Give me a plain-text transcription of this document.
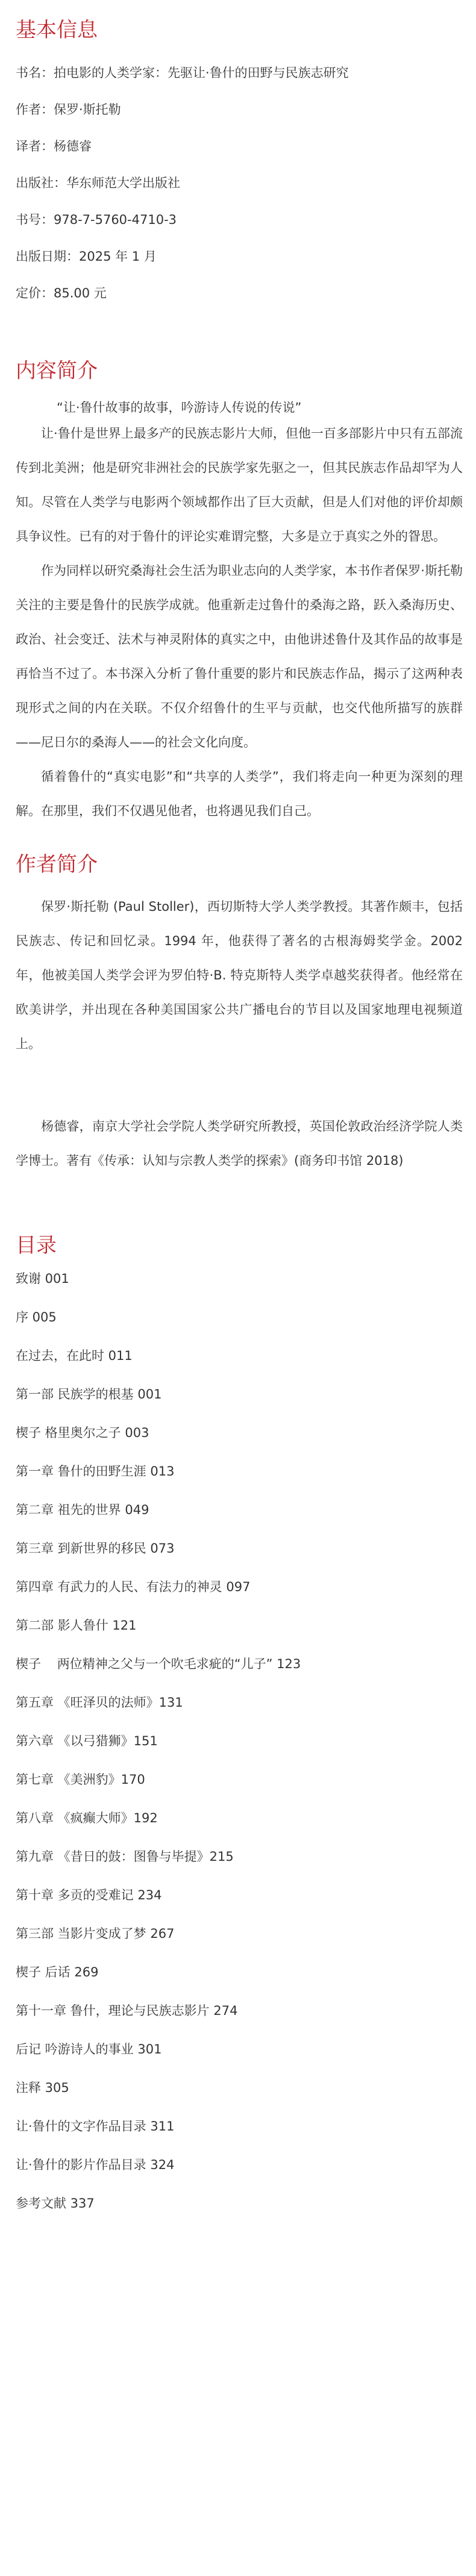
基本信息

书名：拍电影的人类学家：先驱让·鲁什的田野与民族志研究

作者：保罗·斯托勒

译者：杨德睿

出版社：华东师范大学出版社

书号：978-7-5760-4710-3

出版日期：2025 年 1 月

定价：85.00 元

内容简介

“让·鲁什故事的故事，吟游诗人传说的传说”

让·鲁什是世界上最多产的民族志影片大师，但他一百多部影片中只有五部流传到北美洲；他是研究非洲社会的民族学家先驱之一，但其民族志作品却罕为人知。尽管在人类学与电影两个领域都作出了巨大贡献，但是人们对他的评价却颇具争议性。已有的对于鲁什的评论实难谓完整，大多是立于真实之外的眢思。

作为同样以研究桑海社会生活为职业志向的人类学家，本书作者保罗·斯托勒关注的主要是鲁什的民族学成就。他重新走过鲁什的桑海之路，跃入桑海历史、政治、社会变迁、法术与神灵附体的真实之中，由他讲述鲁什及其作品的故事是再恰当不过了。本书深入分析了鲁什重要的影片和民族志作品，揭示了这两种表现形式之间的内在关联。不仅介绍鲁什的生平与贡献，也交代他所描写的族群——尼日尔的桑海人——的社会文化向度。

循着鲁什的“真实电影”和“共享的人类学”，我们将走向一种更为深刻的理解。在那里，我们不仅遇见他者，也将遇见我们自己。

作者简介

保罗·斯托勒 (Paul Stoller)，西切斯特大学人类学教授。其著作颇丰，包括民族志、传记和回忆录。1994 年，他获得了著名的古根海姆奖学金。2002 年，他被美国人类学会评为罗伯特·B. 特克斯特人类学卓越奖获得者。他经常在欧美讲学，并出现在各种美国国家公共广播电台的节目以及国家地理电视频道上。

杨德睿，南京大学社会学院人类学研究所教授，英国伦敦政治经济学院人类学博士。著有《传承：认知与宗教人类学的探索》(商务印书馆 2018)

目录

致谢 001

序 005

在过去，在此时 011

第一部 民族学的根基 001

楔子 格里奥尔之子 003

第一章 鲁什的田野生涯 013

第二章 祖先的世界 049

第三章 到新世界的移民 073

第四章 有武力的人民、有法力的神灵 097

第二部 影人鲁什 121

楔子    两位精神之父与一个吹毛求疵的“儿子” 123

第五章 《旺泽贝的法师》131

第六章 《以弓猎狮》151

第七章 《美洲豹》170

第八章 《疯癫大师》192

第九章 《昔日的鼓：图鲁与毕提》215

第十章 多贡的受难记 234

第三部 当影片变成了梦 267

楔子 后话 269

第十一章 鲁什，理论与民族志影片 274

后记 吟游诗人的事业 301

注释 305

让·鲁什的文字作品目录 311

让·鲁什的影片作品目录 324

参考文献 337
